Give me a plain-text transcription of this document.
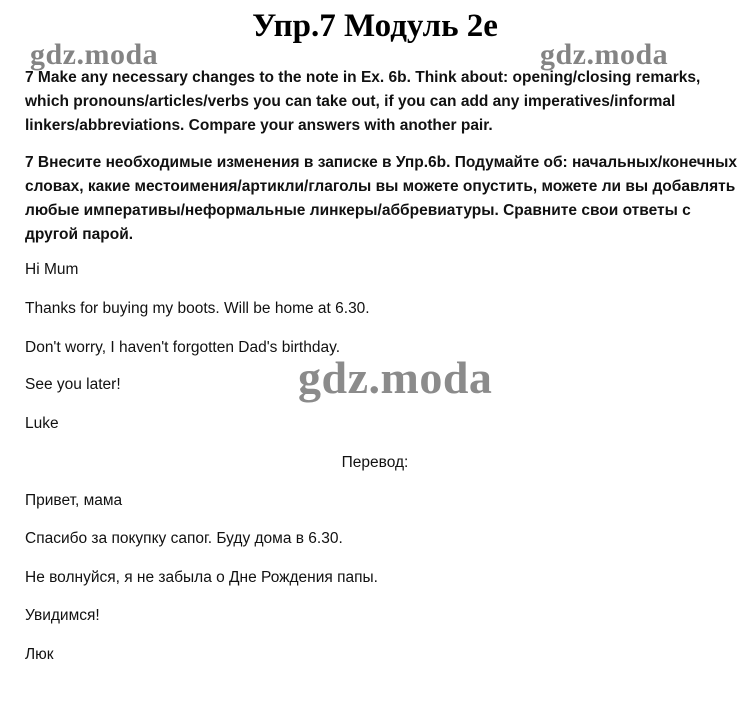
Упр.7 Модуль 2е
gdz.moda	gdz.moda

7 Make any necessary changes to the note in Ex. 6b. Think about: opening/closing remarks, which pronouns/articles/verbs you can take out, if you can add any imperatives/informal linkers/abbreviations. Compare your answers with another pair.

7 Внесите необходимые изменения в записке в Упр.6b. Подумайте об: начальных/конечных словах, какие местоимения/артикли/глаголы вы можете опустить, можете ли вы добавлять любые императивы/неформальные линкеры/аббревиатуры. Сравните свои ответы с другой парой.

Hi Mum

Thanks for buying my boots. Will be home at 6.30.

Don't worry, I haven't forgotten Dad's birthday.

See you later!

Luke

gdz.moda

Перевод:

Привет, мама

Спасибо за покупку сапог. Буду дома в 6.30.

Не волнуйся, я не забыла о Дне Рождения папы.

Увидимся!

Люк
